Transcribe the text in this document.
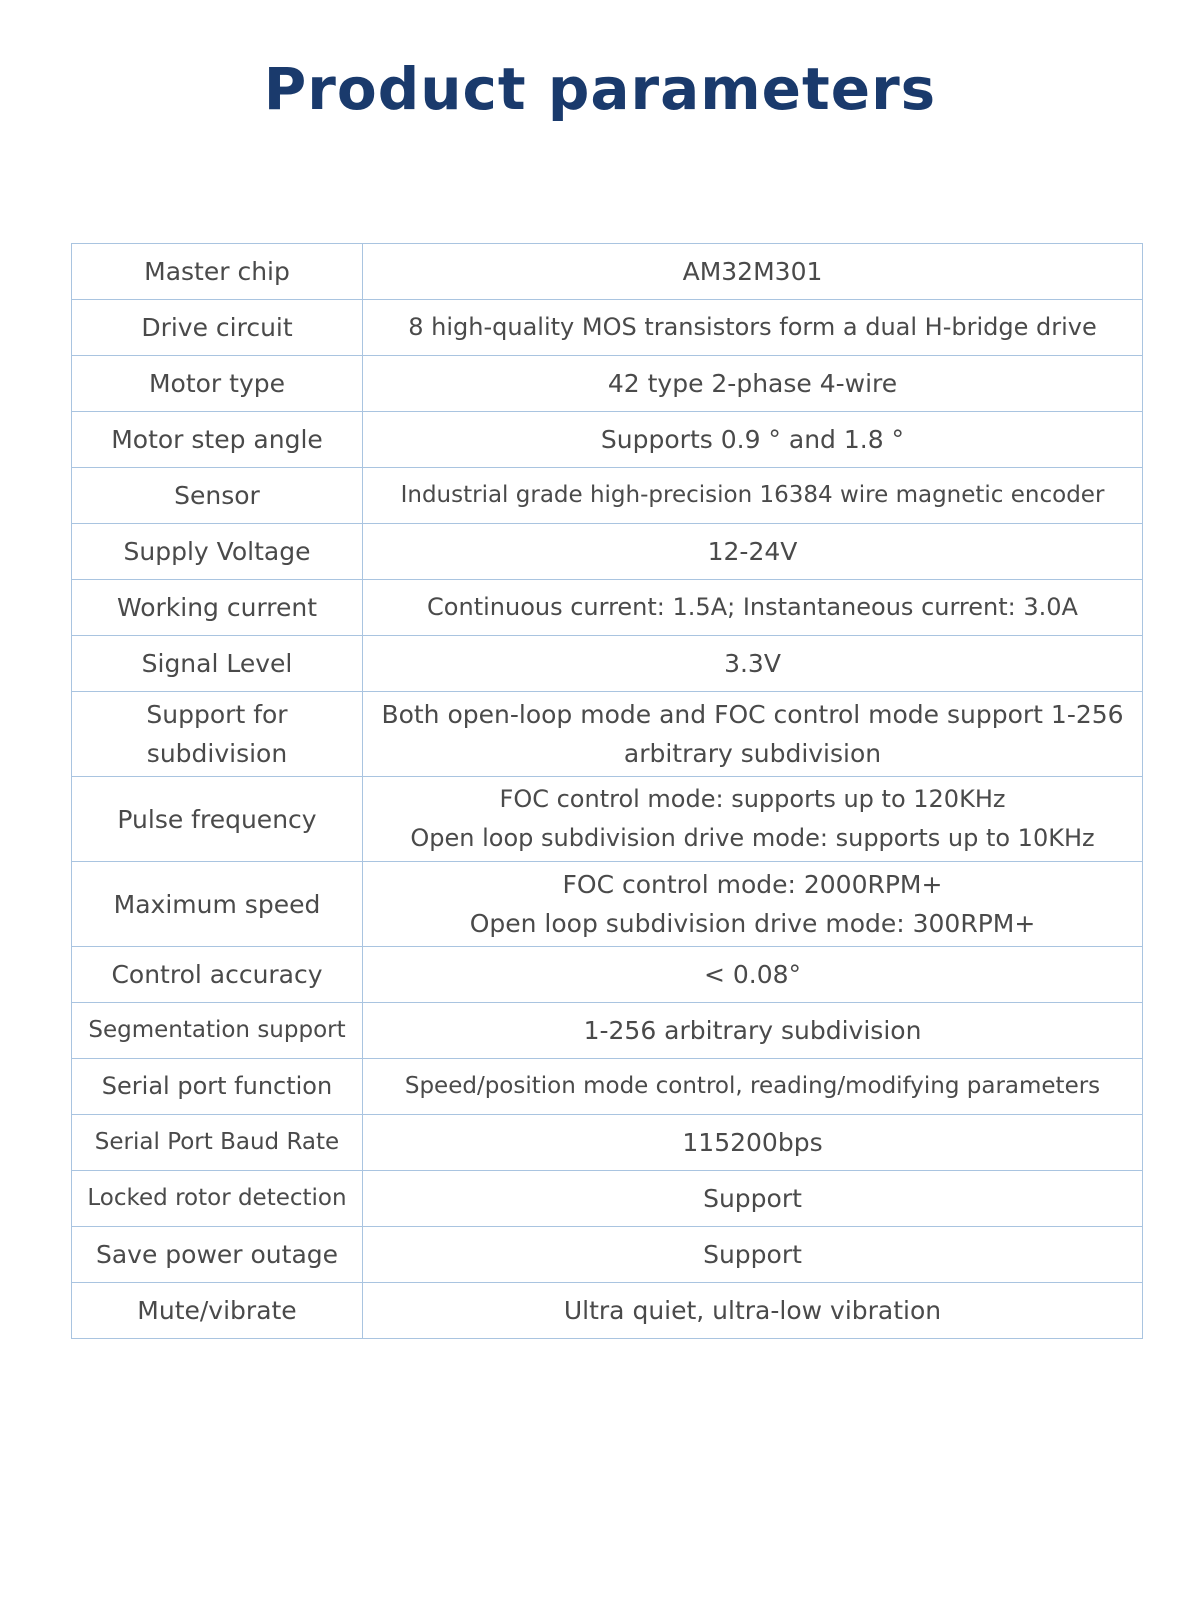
Product parameters
Master chip	AM32M301
Drive circuit	8 high-quality MOS transistors form a dual H-bridge drive
Motor type	42 type 2-phase 4-wire
Motor step angle	Supports 0.9 ° and 1.8 °
Sensor	Industrial grade high-precision 16384 wire magnetic encoder
Supply Voltage	12-24V
Working current	Continuous current: 1.5A; Instantaneous current: 3.0A
Signal Level	3.3V
Support for subdivision	Both open-loop mode and FOC control mode support 1-256 arbitrary subdivision
Pulse frequency	FOC control mode: supports up to 120KHz
Open loop subdivision drive mode: supports up to 10KHz

Maximum speed	FOC control mode: 2000RPM+
Open loop subdivision drive mode: 300RPM+

Control accuracy	< 0.08°
Segmentation support	1-256 arbitrary subdivision
Serial port function	Speed/position mode control, reading/modifying parameters
Serial Port Baud Rate	115200bps
Locked rotor detection	Support
Save power outage	Support
Mute/vibrate	Ultra quiet, ultra-low vibration
